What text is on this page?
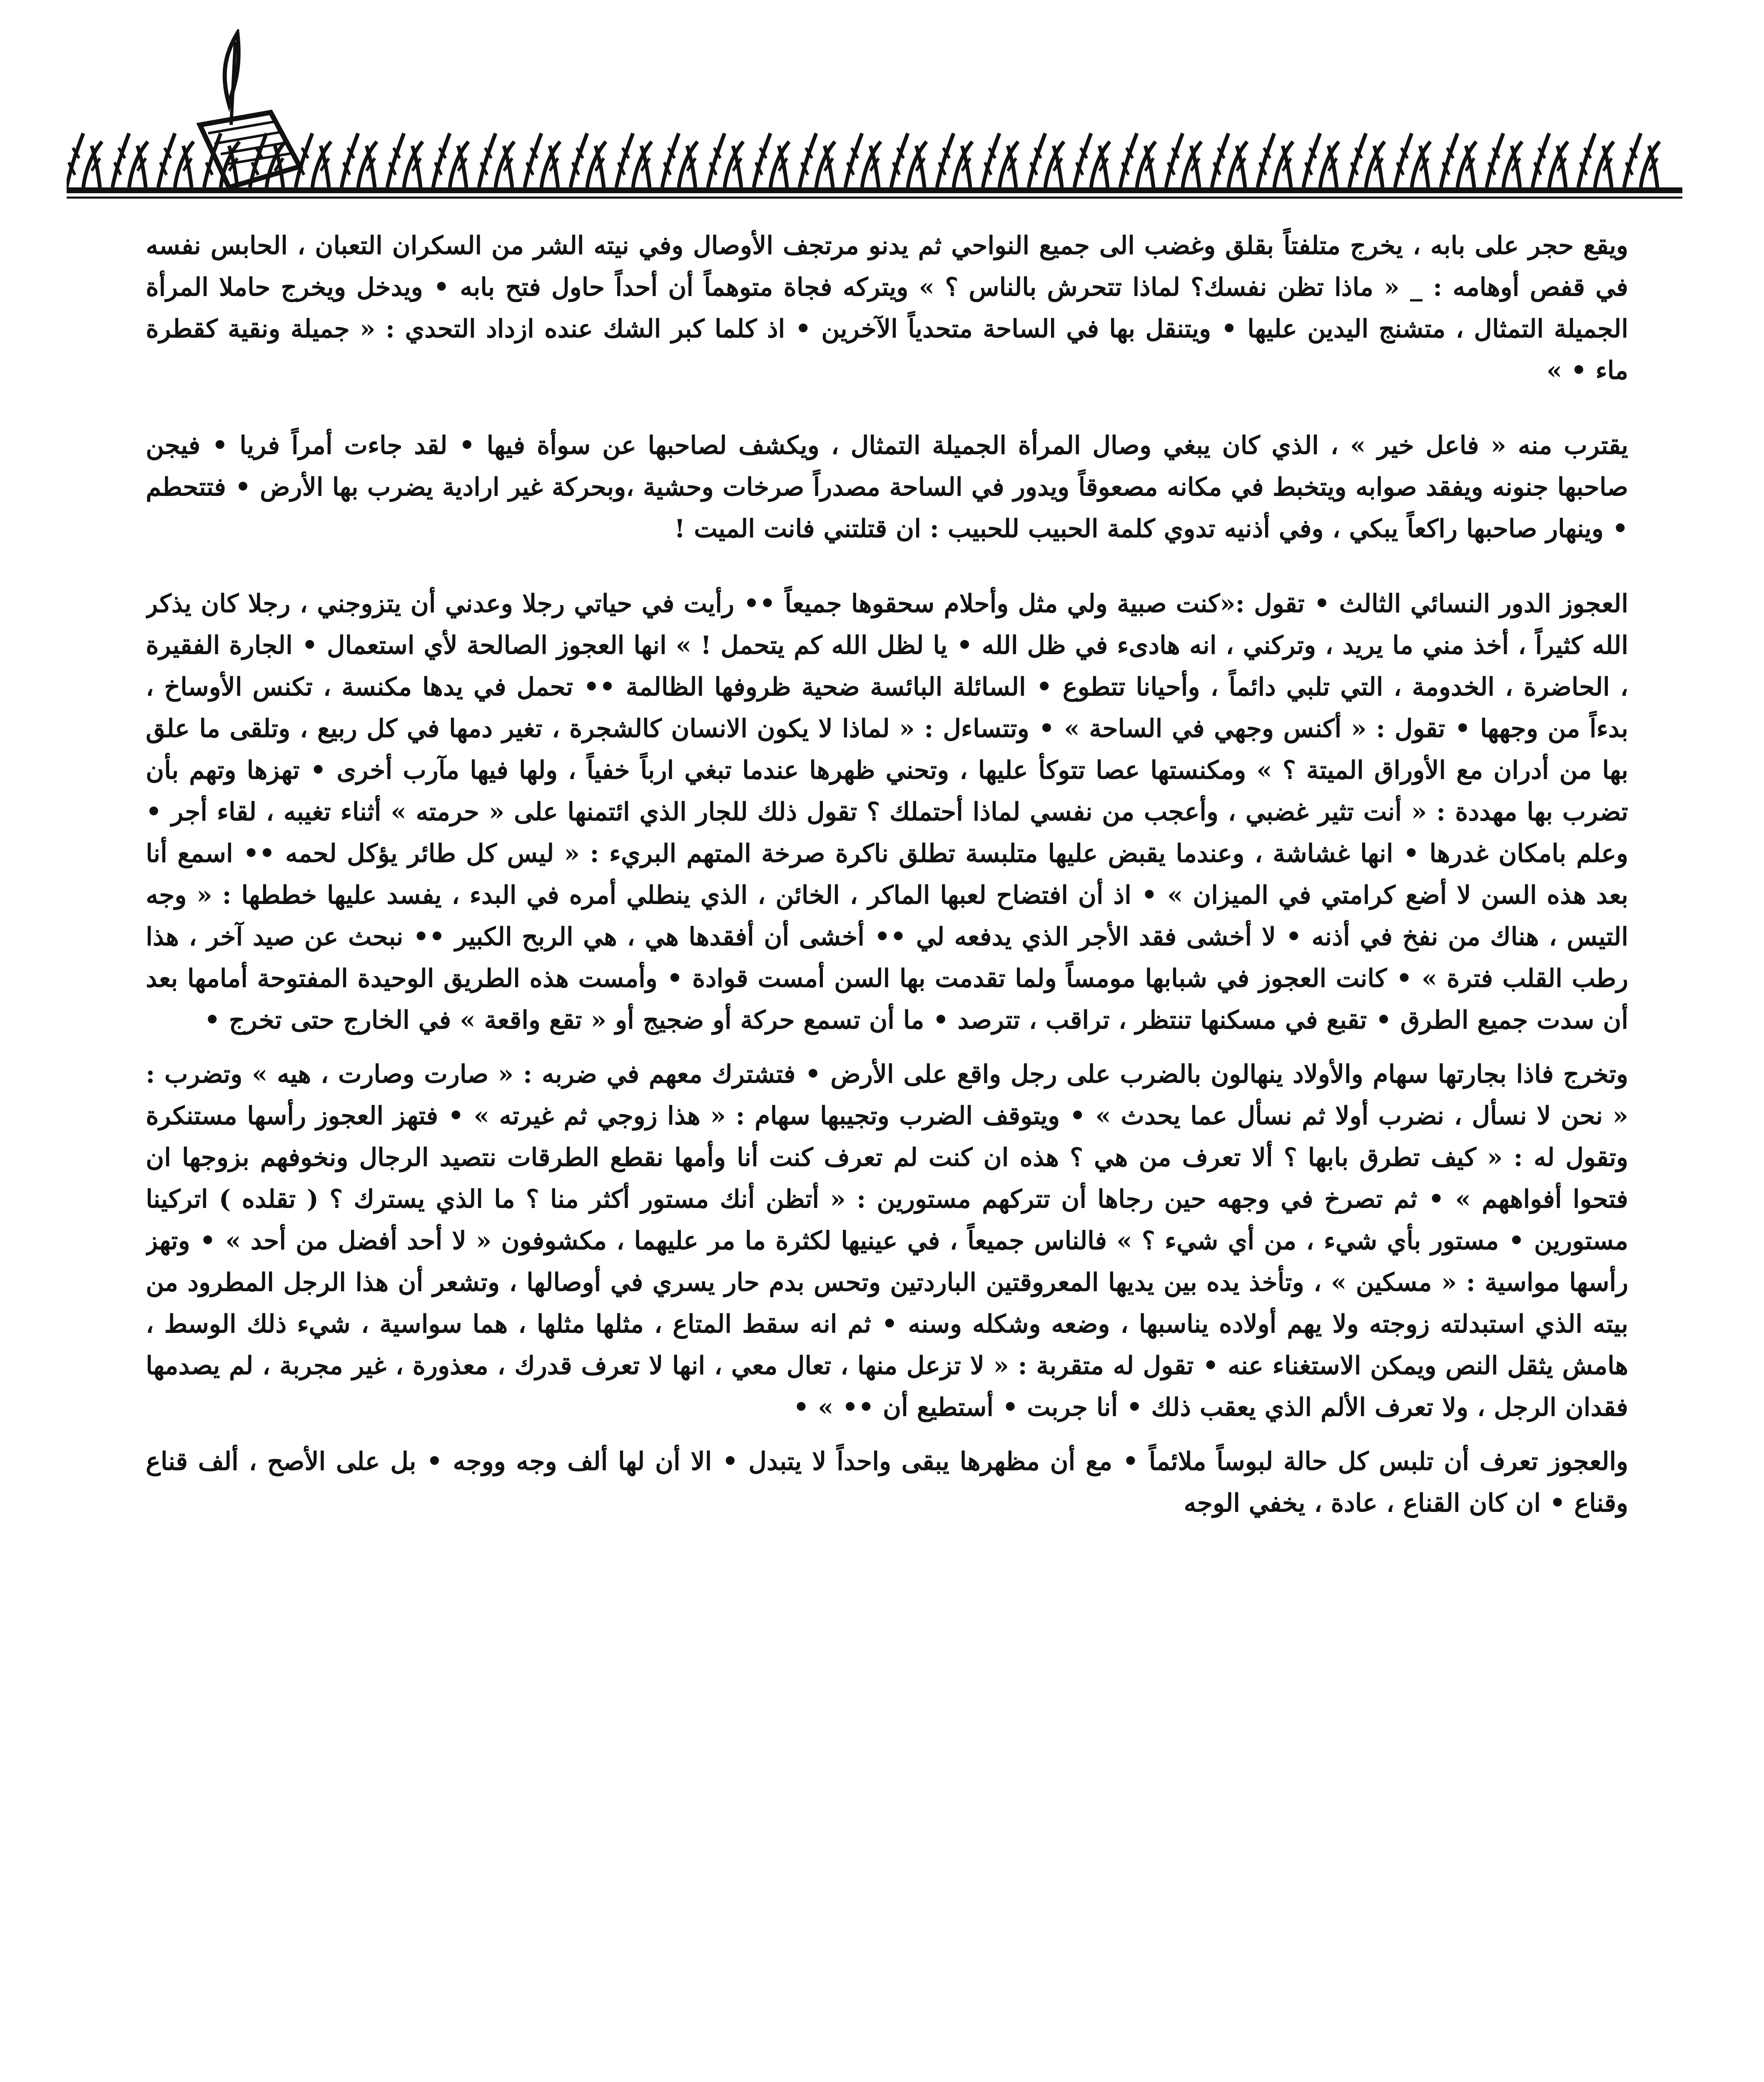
ويقع حجر على بابه ، يخرج متلفتاً بقلق وغضب الى جميع النواحي ثم يدنو مرتجف الأوصال وفي نيته الشر من السكران التعبان ، الحابس نفسه في قفص أوهامه : _ « ماذا تظن نفسك؟ لماذا تتحرش بالناس ؟ » ويتركه فجاة متوهماً أن أحداً حاول فتح بابه • ويدخل ويخرج حاملا المرأة الجميلة التمثال ، متشنج اليدين عليها • ويتنقل بها في الساحة متحدياً الآخرين • اذ كلما كبر الشك عنده ازداد التحدي : « جميلة ونقية كقطرة ماء • »

يقترب منه « فاعل خير » ، الذي كان يبغي وصال المرأة الجميلة التمثال ، ويكشف لصاحبها عن سوأة فيها • لقد جاءت أمراً فريا • فيجن صاحبها جنونه ويفقد صوابه ويتخبط في مكانه مصعوقاً ويدور في الساحة مصدراً صرخات وحشية ،وبحركة غير ارادية يضرب بها الأرض • فتتحطم • وينهار صاحبها راكعاً يبكي ، وفي أذنيه تدوي كلمة الحبيب للحبيب : ان قتلتني فانت الميت !

العجوز الدور النسائي الثالث • تقول :«كنت صبية ولي مثل وأحلام سحقوها جميعاً •• رأيت في حياتي رجلا وعدني أن يتزوجني ، رجلا كان يذكر الله كثيراً ، أخذ مني ما يريد ، وتركني ، انه هادىء في ظل الله • يا لظل الله كم يتحمل ! » انها العجوز الصالحة لأي استعمال • الجارة الفقيرة ، الحاضرة ، الخدومة ، التي تلبي دائماً ، وأحيانا تتطوع • السائلة البائسة ضحية ظروفها الظالمة •• تحمل في يدها مكنسة ، تكنس الأوساخ ، بدءاً من وجهها • تقول : « أكنس وجهي في الساحة » • وتتساءل : « لماذا لا يكون الانسان كالشجرة ، تغير دمها في كل ربيع ، وتلقى ما علق بها من أدران مع الأوراق الميتة ؟ » ومكنستها عصا تتوكأ عليها ، وتحني ظهرها عندما تبغي ارباً خفياً ، ولها فيها مآرب أخرى • تهزها وتهم بأن تضرب بها مهددة : « أنت تثير غضبي ، وأعجب من نفسي لماذا أحتملك ؟ تقول ذلك للجار الذي ائتمنها على « حرمته » أثناء تغيبه ، لقاء أجر • وعلم بامكان غدرها • انها غشاشة ، وعندما يقبض عليها متلبسة تطلق ناكرة صرخة المتهم البريء : « ليس كل طائر يؤكل لحمه •• اسمع أنا بعد هذه السن لا أضع كرامتي في الميزان » • اذ أن افتضاح لعبها الماكر ، الخائن ، الذي ينطلي أمره في البدء ، يفسد عليها خططها : « وجه التيس ، هناك من نفخ في أذنه • لا أخشى فقد الأجر الذي يدفعه لي •• أخشى أن أفقدها هي ، هي الربح الكبير •• نبحث عن صيد آخر ، هذا رطب القلب فترة » • كانت العجوز في شبابها مومساً ولما تقدمت بها السن أمست قوادة • وأمست هذه الطريق الوحيدة المفتوحة أمامها بعد أن سدت جميع الطرق • تقبع في مسكنها تنتظر ، تراقب ، تترصد • ما أن تسمع حركة أو ضجيج أو « تقع واقعة » في الخارج حتى تخرج •

وتخرج فاذا بجارتها سهام والأولاد ينهالون بالضرب على رجل واقع على الأرض • فتشترك معهم في ضربه : « صارت وصارت ، هيه » وتضرب : « نحن لا نسأل ، نضرب أولا ثم نسأل عما يحدث » • ويتوقف الضرب وتجيبها سهام : « هذا زوجي ثم غيرته » • فتهز العجوز رأسها مستنكرة وتقول له : « كيف تطرق بابها ؟ ألا تعرف من هي ؟ هذه ان كنت لم تعرف كنت أنا وأمها نقطع الطرقات نتصيد الرجال ونخوفهم بزوجها ان فتحوا أفواههم » • ثم تصرخ في وجهه حين رجاها أن تتركهم مستورين : « أتظن أنك مستور أكثر منا ؟ ما الذي يسترك ؟ ( تقلده ) اتركينا مستورين • مستور بأي شيء ، من أي شيء ؟ » فالناس جميعاً ، في عينيها لكثرة ما مر عليهما ، مكشوفون « لا أحد أفضل من أحد » • وتهز رأسها مواسية : « مسكين » ، وتأخذ يده بين يديها المعروقتين الباردتين وتحس بدم حار يسري في أوصالها ، وتشعر أن هذا الرجل المطرود من بيته الذي استبدلته زوجته ولا يهم أولاده يناسبها ، وضعه وشكله وسنه • ثم انه سقط المتاع ، مثلها مثلها ، هما سواسية ، شيء ذلك الوسط ، هامش يثقل النص ويمكن الاستغناء عنه • تقول له متقربة : « لا تزعل منها ، تعال معي ، انها لا تعرف قدرك ، معذورة ، غير مجربة ، لم يصدمها فقدان الرجل ، ولا تعرف الألم الذي يعقب ذلك • أنا جربت • أستطيع أن •• » •

والعجوز تعرف أن تلبس كل حالة لبوساً ملائماً • مع أن مظهرها يبقى واحداً لا يتبدل • الا أن لها ألف وجه ووجه • بل على الأصح ، ألف قناع وقناع • ان كان القناع ، عادة ، يخفي الوجه
